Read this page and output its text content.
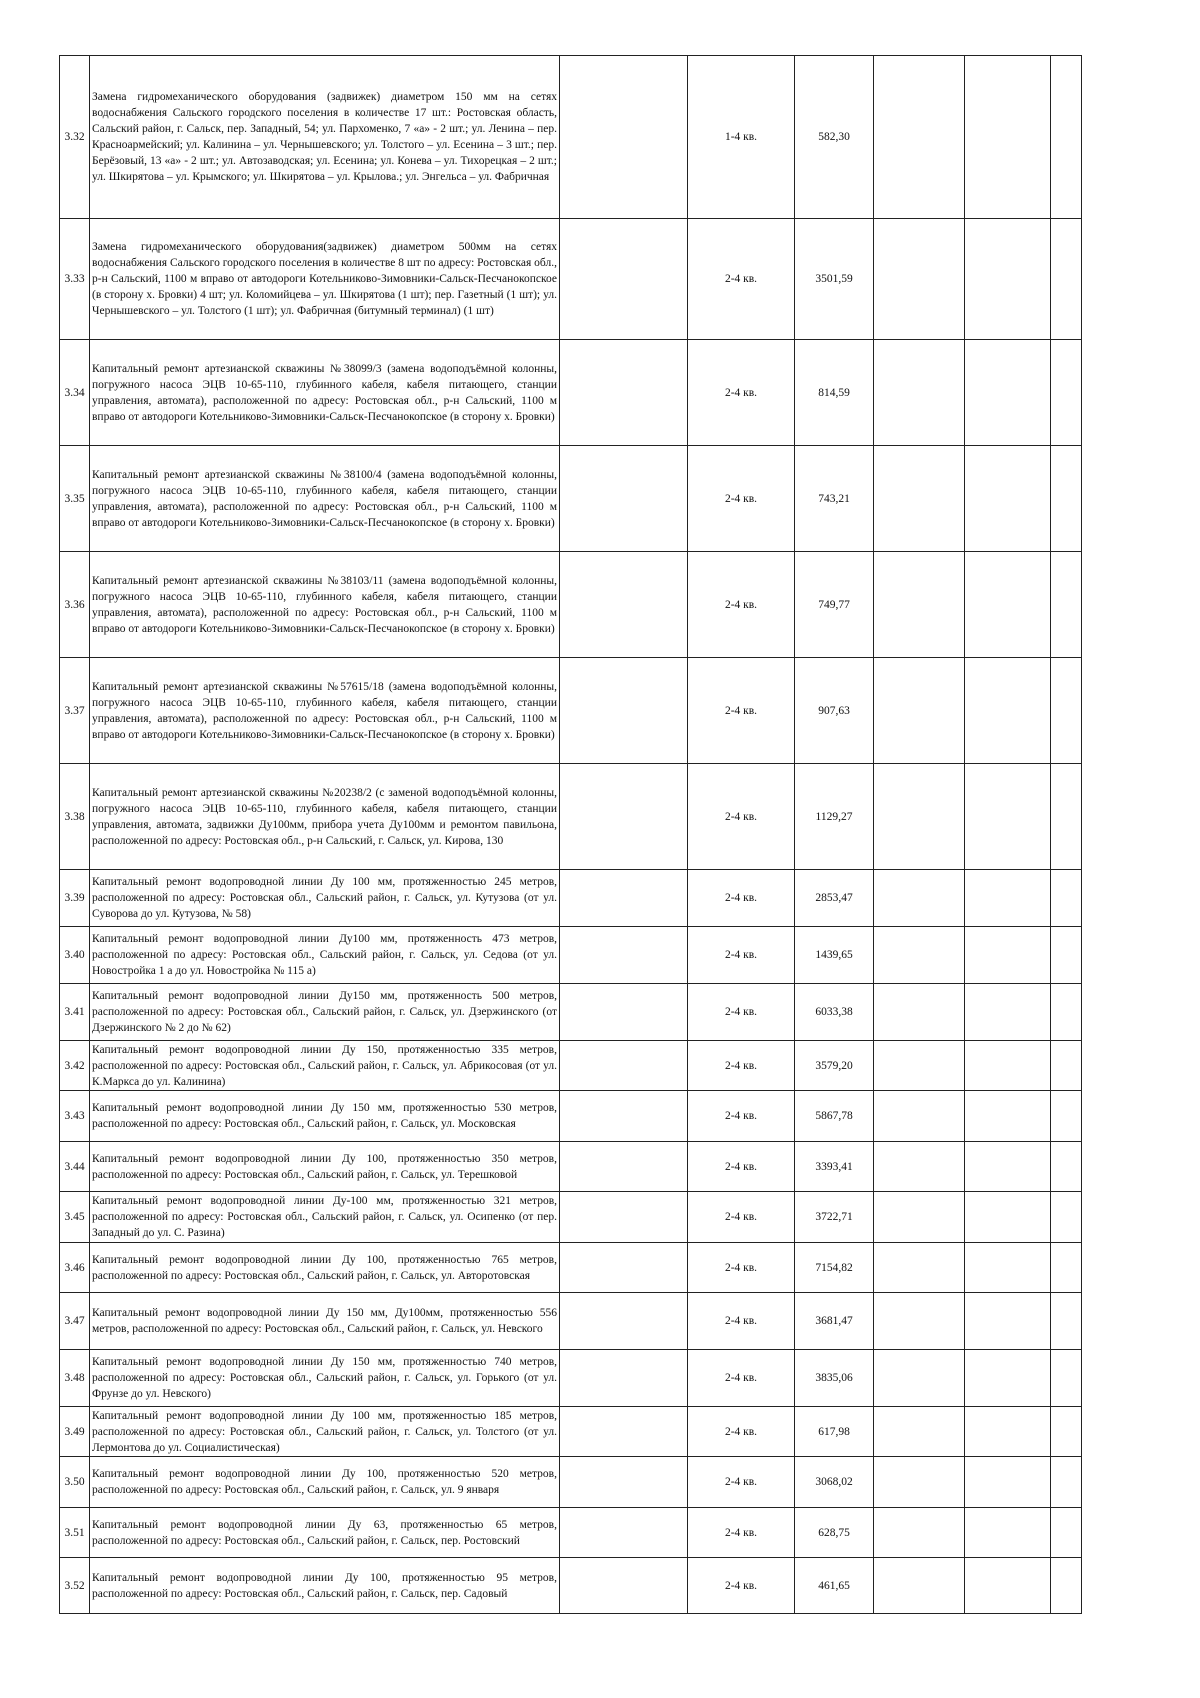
3.32	Замена гидромеханического оборудования (задвижек) диаметром 150 мм на сетях водоснабжения Сальского городского поселения в количестве 17 шт.: Ростовская область, Сальский район, г. Сальск, пер. Западный, 54; ул. Пархоменко, 7 «а» - 2 шт.; ул. Ленина – пер. Красноармейский; ул. Калинина – ул. Чернышевского; ул. Толстого – ул. Есенина – 3 шт.; пер. Берёзовый, 13 «а» - 2 шт.; ул. Автозаводская; ул. Есенина; ул. Конева – ул. Тихорецкая – 2 шт.; ул. Шкирятова – ул. Крымского; ул. Шкирятова – ул. Крылова.; ул. Энгельса – ул. Фабричная		1-4 кв.	582,30			
3.33	Замена гидромеханического оборудования(задвижек) диаметром 500мм на сетях водоснабжения Сальского городского поселения в количестве 8 шт по адресу: Ростовская обл., р-н Сальский, 1100 м вправо от автодороги Котельниково-Зимовники-Сальск-Песчанокопское (в сторону х. Бровки) 4 шт; ул. Коломийцева – ул. Шкирятова (1 шт); пер. Газетный (1 шт); ул. Чернышевского – ул. Толстого (1 шт); ул. Фабричная (битумный терминал) (1 шт)		2-4 кв.	3501,59			
3.34	Капитальный ремонт артезианской скважины №38099/3 (замена водоподъёмной колонны, погружного насоса ЭЦВ 10-65-110, глубинного кабеля, кабеля питающего, станции управления, автомата), расположенной по адресу: Ростовская обл., р-н Сальский, 1100 м вправо от автодороги Котельниково-Зимовники-Сальск-Песчанокопское (в сторону х. Бровки)		2-4 кв.	814,59			
3.35	Капитальный ремонт артезианской скважины №38100/4 (замена водоподъёмной колонны, погружного насоса ЭЦВ 10-65-110, глубинного кабеля, кабеля питающего, станции управления, автомата), расположенной по адресу: Ростовская обл., р-н Сальский, 1100 м вправо от автодороги Котельниково-Зимовники-Сальск-Песчанокопское (в сторону х. Бровки)		2-4 кв.	743,21			
3.36	Капитальный ремонт артезианской скважины №38103/11 (замена водоподъёмной колонны, погружного насоса ЭЦВ 10-65-110, глубинного кабеля, кабеля питающего, станции управления, автомата), расположенной по адресу: Ростовская обл., р-н Сальский, 1100 м вправо от автодороги Котельниково-Зимовники-Сальск-Песчанокопское (в сторону х. Бровки)		2-4 кв.	749,77			
3.37	Капитальный ремонт артезианской скважины №57615/18 (замена водоподъёмной колонны, погружного насоса ЭЦВ 10-65-110, глубинного кабеля, кабеля питающего, станции управления, автомата), расположенной по адресу: Ростовская обл., р-н Сальский, 1100 м вправо от автодороги Котельниково-Зимовники-Сальск-Песчанокопское (в сторону х. Бровки)		2-4 кв.	907,63			
3.38	Капитальный ремонт артезианской скважины №20238/2 (с заменой водоподъёмной колонны, погружного насоса ЭЦВ 10-65-110, глубинного кабеля, кабеля питающего, станции управления, автомата, задвижки Ду100мм, прибора учета Ду100мм и ремонтом павильона, расположенной по адресу: Ростовская обл., р-н Сальский, г. Сальск, ул. Кирова, 130		2-4 кв.	1129,27			
3.39	Капитальный ремонт водопроводной линии Ду 100 мм, протяженностью 245 метров, расположенной по адресу: Ростовская обл., Сальский район, г. Сальск, ул. Кутузова (от ул. Суворова до ул. Кутузова, № 58)		2-4 кв.	2853,47			
3.40	Капитальный ремонт водопроводной линии Ду100 мм, протяженность 473 метров, расположенной по адресу: Ростовская обл., Сальский район, г. Сальск, ул. Седова (от ул. Новостройка 1 а до ул. Новостройка № 115 а)		2-4 кв.	1439,65			
3.41	Капитальный ремонт водопроводной линии Ду150 мм, протяженность 500 метров, расположенной по адресу: Ростовская обл., Сальский район, г. Сальск, ул. Дзержинского (от Дзержинского № 2 до № 62)		2-4 кв.	6033,38			
3.42	Капитальный ремонт водопроводной линии Ду 150, протяженностью 335 метров, расположенной по адресу: Ростовская обл., Сальский район, г. Сальск, ул. Абрикосовая (от ул. К.Маркса до ул. Калинина)		2-4 кв.	3579,20			
3.43	Капитальный ремонт водопроводной линии Ду 150 мм, протяженностью 530 метров, расположенной по адресу: Ростовская обл., Сальский район, г. Сальск, ул. Московская		2-4 кв.	5867,78			
3.44	Капитальный ремонт водопроводной линии Ду 100, протяженностью 350 метров, расположенной по адресу: Ростовская обл., Сальский район, г. Сальск, ул. Терешковой		2-4 кв.	3393,41			
3.45	Капитальный ремонт водопроводной линии Ду-100 мм, протяженностью 321 метров, расположенной по адресу: Ростовская обл., Сальский район, г. Сальск, ул. Осипенко (от пер. Западный до ул. С. Разина)		2-4 кв.	3722,71			
3.46	Капитальный ремонт водопроводной линии Ду 100, протяженностью 765 метров, расположенной по адресу: Ростовская обл., Сальский район, г. Сальск, ул. Авторотовская		2-4 кв.	7154,82			
3.47	Капитальный ремонт водопроводной линии Ду 150 мм, Ду100мм, протяженностью 556 метров, расположенной по адресу: Ростовская обл., Сальский район, г. Сальск, ул. Невского		2-4 кв.	3681,47			
3.48	Капитальный ремонт водопроводной линии Ду 150 мм, протяженностью 740 метров, расположенной по адресу: Ростовская обл., Сальский район, г. Сальск, ул. Горького (от ул. Фрунзе до ул. Невского)		2-4 кв.	3835,06			
3.49	Капитальный ремонт водопроводной линии Ду 100 мм, протяженностью 185 метров, расположенной по адресу: Ростовская обл., Сальский район, г. Сальск, ул. Толстого (от ул. Лермонтова до ул. Социалистическая)		2-4 кв.	617,98			
3.50	Капитальный ремонт водопроводной линии Ду 100, протяженностью 520 метров, расположенной по адресу: Ростовская обл., Сальский район, г. Сальск, ул. 9 января		2-4 кв.	3068,02			
3.51	Капитальный ремонт водопроводной линии Ду 63, протяженностью 65 метров, расположенной по адресу: Ростовская обл., Сальский район, г. Сальск, пер. Ростовский		2-4 кв.	628,75			
3.52	Капитальный ремонт водопроводной линии Ду 100, протяженностью 95 метров, расположенной по адресу: Ростовская обл., Сальский район, г. Сальск, пер. Садовый		2-4 кв.	461,65			
